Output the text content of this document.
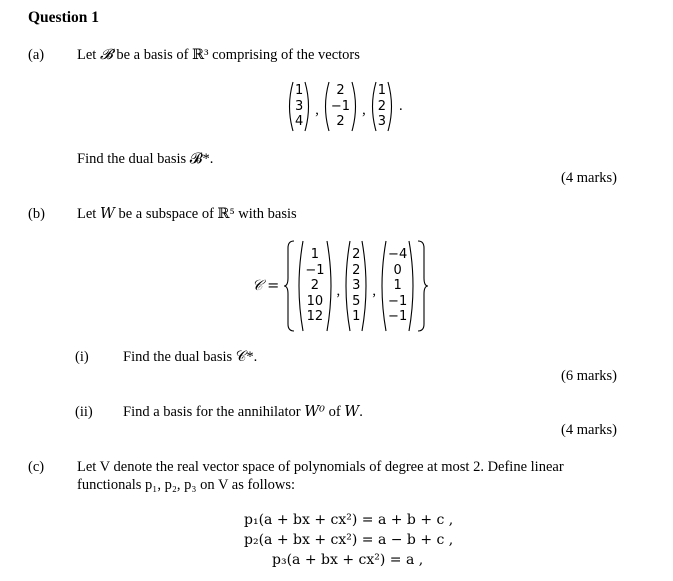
Question 1
(a) Let 𝓑 be a basis of ℝ³ comprising of the vectors
1
3
4
,
2
−1
2
,
1
2
3
.
Find the dual basis 𝓑*.
(4 marks)
(b) Let W be a subspace of ℝ⁵ with basis
𝒞 =
1
−1
2
10
12
,
2
2
3
5
1
,
−4
0
1
−1
−1
(i) Find the dual basis 𝒞*.
(6 marks)
(ii) Find a basis for the annihilator W⁰ of W.
(4 marks)
(c) Let V denote the real vector space of polynomials of degree at most 2. Define linear
functionals p₁, p₂, p₃ on V as follows:
p₁(a + bx + cx²) = a + b + c ,
p₂(a + bx + cx²) = a − b + c ,
p₃(a + bx + cx²) = a ,
